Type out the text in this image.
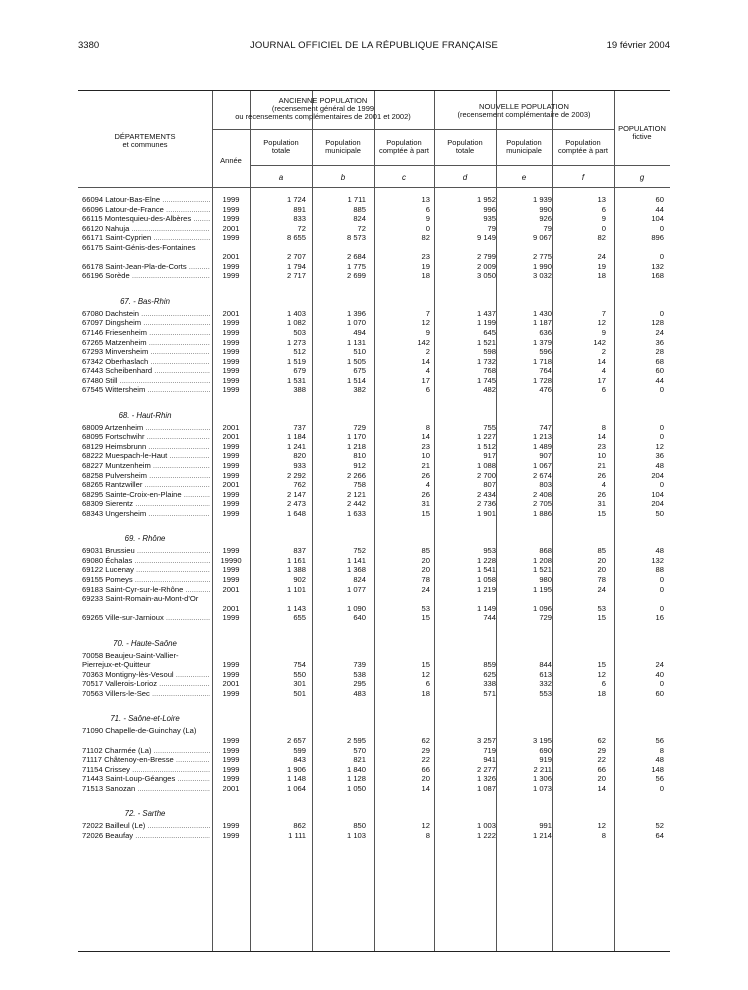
3380	JOURNAL OFFICIEL DE LA RÉPUBLIQUE FRANÇAISE	19 février 2004
DÉPARTEMENTS
et communes
Année
ANCIENNE POPULATION
(recensement général de 1999
ou recensements complémentaires de 2001 et 2002)
NOUVELLE POPULATION
(recensement complémentaire de 2003)
POPULATION
fictive
Population
totale
Population
municipale
Population
comptée à part
Population
totale
Population
municipale
Population
comptée à part
a	b	c	d	e	f	g
66094 Latour-Bas-Elne .....	1999	1 724	1 711	13	1 952	1 939	13	60
66096 Latour-de-France .....	1999	891	885	6	996	990	6	44
66115 Montesquieu-des-Albères .....	1999	833	824	9	935	926	9	104
66120 Nahuja .....	2001	72	72	0	79	79	0	0
66171 Saint-Cyprien .....	1999	8 655	8 573	82	9 149	9 067	82	896
66175 Saint-Génis-des-Fontaines
2001	2 707	2 684	23	2 799	2 775	24	0
66178 Saint-Jean-Pla-de-Corts .....	1999	1 794	1 775	19	2 009	1 990	19	132
66196 Sorède .....	1999	2 717	2 699	18	3 050	3 032	18	168
67. - Bas-Rhin
67080 Dachstein .....	2001	1 403	1 396	7	1 437	1 430	7	0
67097 Dingsheim .....	1999	1 082	1 070	12	1 199	1 187	12	128
67146 Friesenheim .....	1999	503	494	9	645	636	9	24
67265 Matzenheim .....	1999	1 273	1 131	142	1 521	1 379	142	36
67293 Minversheim .....	1999	512	510	2	598	596	2	28
67342 Oberhaslach .....	1999	1 519	1 505	14	1 732	1 718	14	68
67443 Scheibenhard .....	1999	679	675	4	768	764	4	60
67480 Still .....	1999	1 531	1 514	17	1 745	1 728	17	44
67545 Wittersheim .....	1999	388	382	6	482	476	6	0
68. - Haut-Rhin
68009 Artzenheim .....	2001	737	729	8	755	747	8	0
68095 Fortschwihr .....	2001	1 184	1 170	14	1 227	1 213	14	0
68129 Heimsbrunn .....	1999	1 241	1 218	23	1 512	1 489	23	12
68222 Muespach-le-Haut .....	1999	820	810	10	917	907	10	36
68227 Muntzenheim .....	1999	933	912	21	1 088	1 067	21	48
68258 Pulversheim .....	1999	2 292	2 266	26	2 700	2 674	26	204
68265 Rantzwiller .....	2001	762	758	4	807	803	4	0
68295 Sainte-Croix-en-Plaine .....	1999	2 147	2 121	26	2 434	2 408	26	104
68309 Sierentz .....	1999	2 473	2 442	31	2 736	2 705	31	204
68343 Ungersheim .....	1999	1 648	1 633	15	1 901	1 886	15	50
69. - Rhône
69031 Brussieu .....	1999	837	752	85	953	868	85	48
69080 Échalas .....	19990	1 161	1 141	20	1 228	1 208	20	132
69122 Lucenay .....	1999	1 388	1 368	20	1 541	1 521	20	88
69155 Pomeys .....	1999	902	824	78	1 058	980	78	0
69183 Saint-Cyr-sur-le-Rhône .....	2001	1 101	1 077	24	1 219	1 195	24	0
69233 Saint-Romain-au-Mont-d'Or
2001	1 143	1 090	53	1 149	1 096	53	0
69265 Ville-sur-Jarnioux .....	1999	655	640	15	744	729	15	16
70. - Haute-Saône
70058 Beaujeu-Saint-Vallier-Pierrejux-et-Quitteur	1999	754	739	15	859	844	15	24
70363 Montigny-lès-Vesoul .....	1999	550	538	12	625	613	12	40
70517 Vallerois-Lorioz .....	2001	301	295	6	338	332	6	0
70563 Villers-le-Sec .....	1999	501	483	18	571	553	18	60
71. - Saône-et-Loire
71090 Chapelle-de-Guinchay (La)
1999	2 657	2 595	62	3 257	3 195	62	56
71102 Charmée (La) .....	1999	599	570	29	719	690	29	8
71117 Châtenoy-en-Bresse .....	1999	843	821	22	941	919	22	48
71154 Crissey .....	1999	1 906	1 840	66	2 277	2 211	66	148
71443 Saint-Loup-Géanges .....	1999	1 148	1 128	20	1 326	1 306	20	56
71513 Sanozan .....	2001	1 064	1 050	14	1 087	1 073	14	0
72. - Sarthe
72022 Bailleul (Le) .....	1999	862	850	12	1 003	991	12	52
72026 Beaufay .....	1999	1 111	1 103	8	1 222	1 214	8	64
